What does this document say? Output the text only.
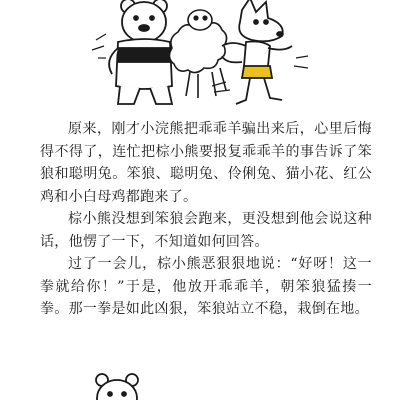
原来，刚才小浣熊把乖乖羊骗出来后，心里后悔得不得了，连忙把棕小熊要报复乖乖羊的事告诉了笨狼和聪明兔。笨狼、聪明兔、伶俐兔、猫小花、红公鸡和小白母鸡都跑来了。

棕小熊没想到笨狼会跑来，更没想到他会说这种话，他愣了一下，不知道如何回答。

过了一会儿，棕小熊恶狠狠地说：“好呀！这一拳就给你！”于是，他放开乖乖羊，朝笨狼猛揍一拳。那一拳是如此凶狠，笨狼站立不稳，栽倒在地。
